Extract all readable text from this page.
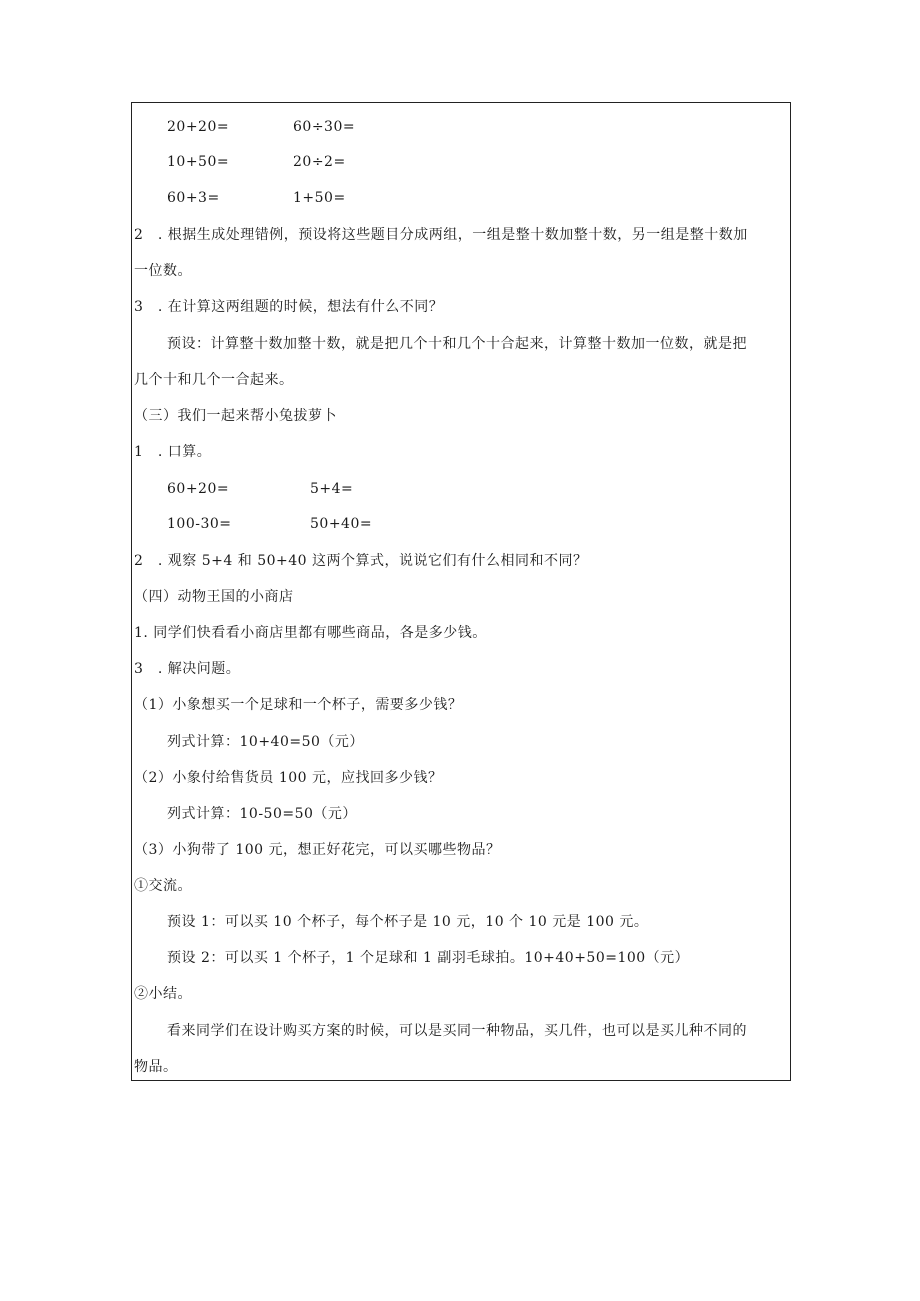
20+20=	60÷30=
10+50=	20÷2=
60+3=	1+50=
2　. 根据生成处理错例，预设将这些题目分成两组，一组是整十数加整十数，另一组是整十数加
一位数。
3　. 在计算这两组题的时候，想法有什么不同？
预设：计算整十数加整十数，就是把几个十和几个十合起来，计算整十数加一位数，就是把
几个十和几个一合起来。
（三）我们一起来帮小兔拔萝卜
1　. 口算。
60+20=	5+4=
100-30=	50+40=
2　. 观察 5+4 和 50+40 这两个算式，说说它们有什么相同和不同？
（四）动物王国的小商店
1. 同学们快看看小商店里都有哪些商品，各是多少钱。
3　. 解决问题。
（1）小象想买一个足球和一个杯子，需要多少钱？
列式计算：10+40=50（元）
（2）小象付给售货员 100 元，应找回多少钱？
列式计算：10-50=50（元）
（3）小狗带了 100 元，想正好花完，可以买哪些物品？
①交流。
预设 1：可以买 10 个杯子，每个杯子是 10 元，10 个 10 元是 100 元。
预设 2：可以买 1 个杯子，1 个足球和 1 副羽毛球拍。10+40+50=100（元）
②小结。
看来同学们在设计购买方案的时候，可以是买同一种物品，买几件，也可以是买儿种不同的
物品。
